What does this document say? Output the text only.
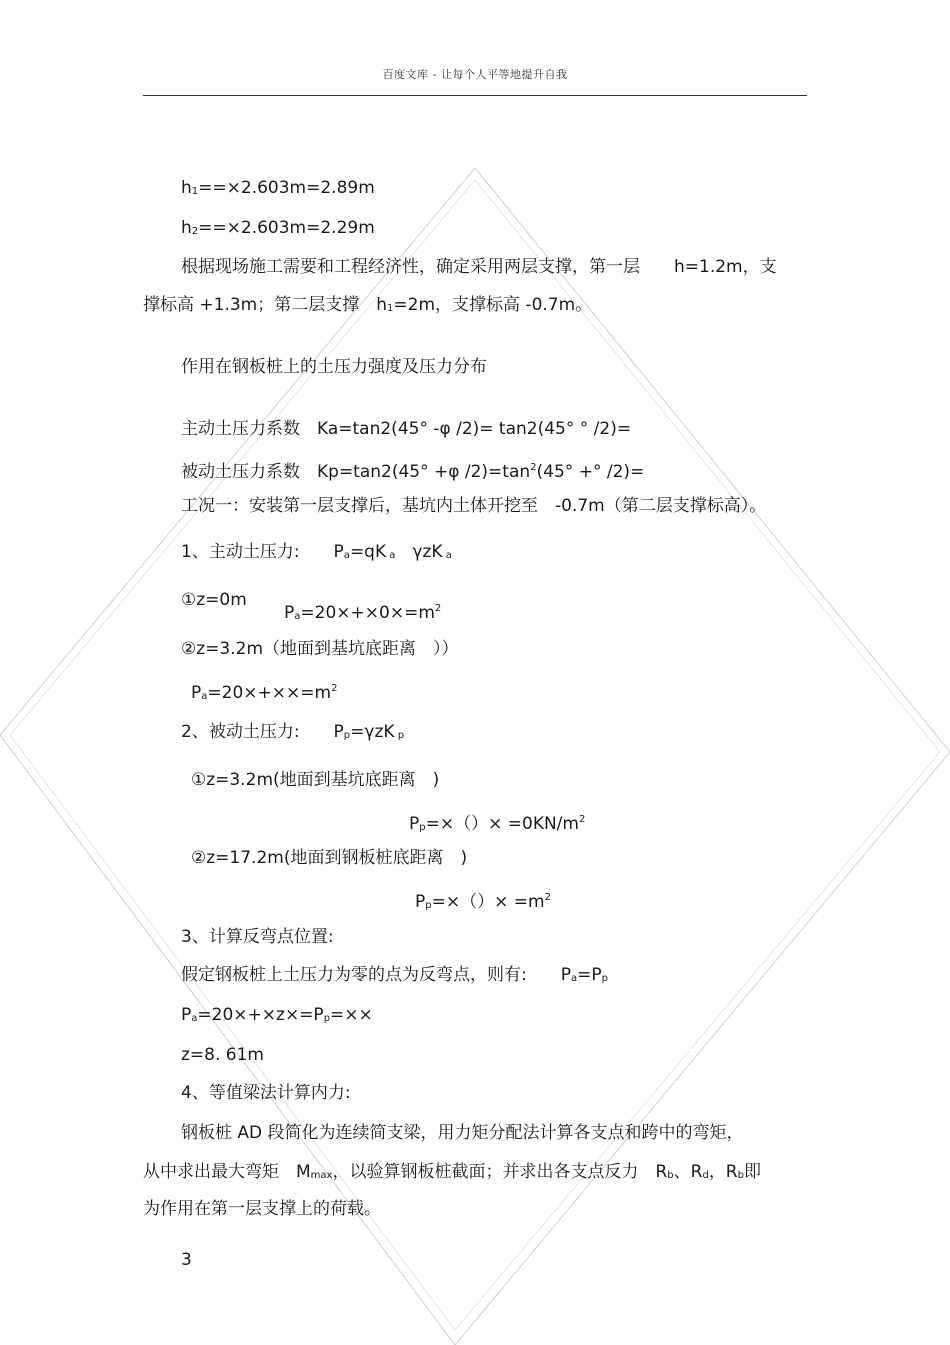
百度文库 - 让每个人平等地提升自我
$h_1==\times 2.603m=2.89m$
$h_2==\times 2.603m=2.29m$
根据现场施工需要和工程经济性，确定采用两层支撑，第一层　　h=1.2m，支
撑标高 +1.3m；第二层支撑　$h_1=2m$，支撑标高 -0.7m。
作用在钢板桩上的土压力强度及压力分布
主动土压力系数　Ka=tan2(45° -φ /2)= tan2(45° ° /2)=
被动土压力系数　Kp=tan2(45° +φ $/2)=\tan^2(45^\circ$ +° /2)=
工况一：安装第一层支撑后，基坑内土体开挖至　-0.7m（第二层支撑标高）。
1、主动土压力:　　$P_a=qK$ $_a$　γzK $_a$
①z=0m
$P_a=20\times+\times 0\times=m^2$
②z=3.2m（地面到基坑底距离　））
$P_a=20\times+\times\times=m^2$
2、被动土压力:　　$P_p=\gamma zK$ $_p$
①z=3.2m(地面到基坑底距离　)
$P_p=\times()\times =0KN/m^2$
②z=17.2m(地面到钢板桩底距离　)
$P_p=\times()\times =m^2$
3、计算反弯点位置:
假定钢板桩上土压力为零的点为反弯点，则有:　　$P_a=P_p$
$P_a=20\times+\times z\times=P_p=\times\times$
z=8. 61m
4、等值梁法计算内力:
钢板桩 AD 段简化为连续简支梁，用力矩分配法计算各支点和跨中的弯矩，
从中求出最大弯矩　$M_{max}$，以验算钢板桩截面；并求出各支点反力　$R_b$、$R_d$，$R_b$即
为作用在第一层支撑上的荷载。
3
